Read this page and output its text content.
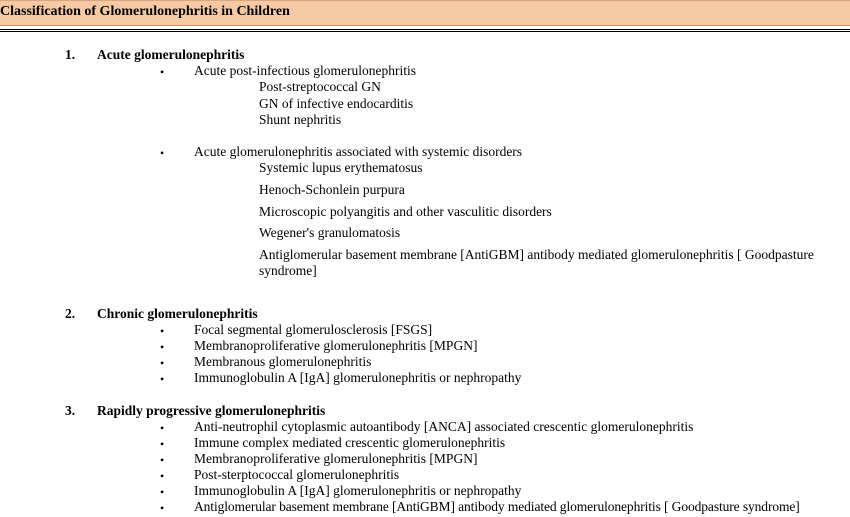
Classification of Glomerulonephritis in Children
1. Acute glomerulonephritis
• Acute post-infectious glomerulonephritis
Post-streptococcal GN
GN of infective endocarditis
Shunt nephritis
• Acute glomerulonephritis associated with systemic disorders
Systemic lupus erythematosus
Henoch-Schonlein purpura
Microscopic polyangitis and other vasculitic disorders
Wegener's granulomatosis
Antiglomerular basement membrane [AntiGBM] antibody mediated glomerulonephritis [ Goodpasture
syndrome]
2. Chronic glomerulonephritis
• Focal segmental glomerulosclerosis [FSGS]
• Membranoproliferative glomerulonephritis [MPGN]
• Membranous glomerulonephritis
• Immunoglobulin A [IgA] glomerulonephritis or nephropathy
3. Rapidly progressive glomerulonephritis
• Anti-neutrophil cytoplasmic autoantibody [ANCA] associated crescentic glomerulonephritis
• Immune complex mediated crescentic glomerulonephritis
• Membranoproliferative glomerulonephritis [MPGN]
• Post-sterptococcal glomerulonephritis
• Immunoglobulin A [IgA] glomerulonephritis or nephropathy
• Antiglomerular basement membrane [AntiGBM] antibody mediated glomerulonephritis [ Goodpasture syndrome]
